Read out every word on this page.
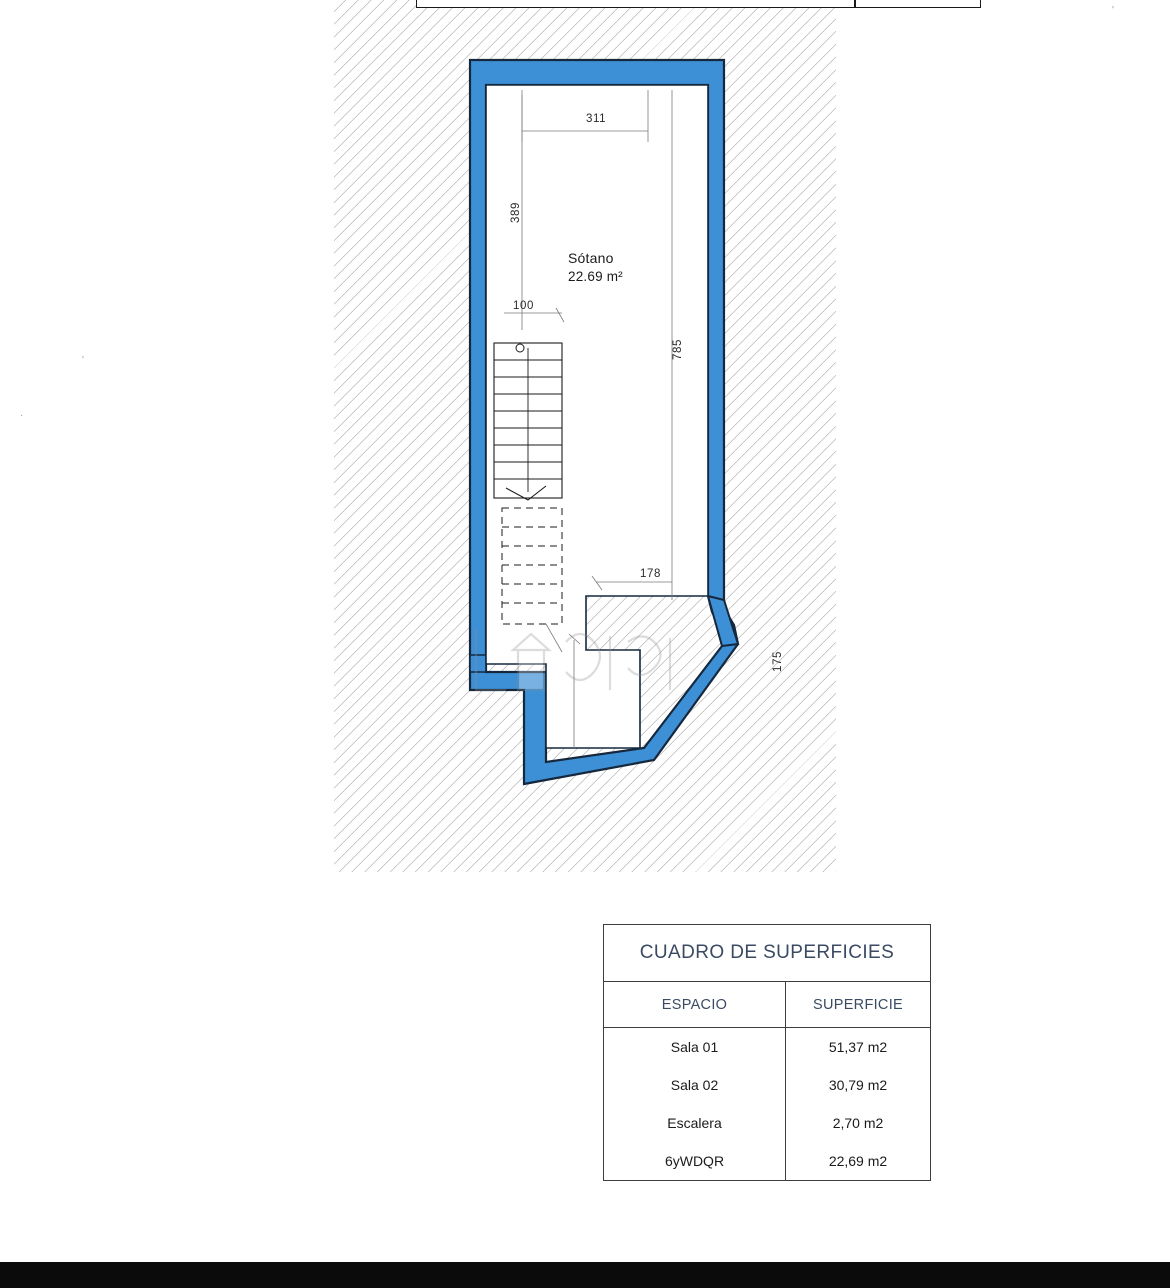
Sótano
22.69 m²
311
389
100
785
178
175
CUADRO DE SUPERFICIES
ESPACIO	SUPERFICIE
Sala 01	51,37 m2
Sala 02	30,79 m2
Escalera	2,70 m2
6yWDQR	22,69 m2
'
'
·
